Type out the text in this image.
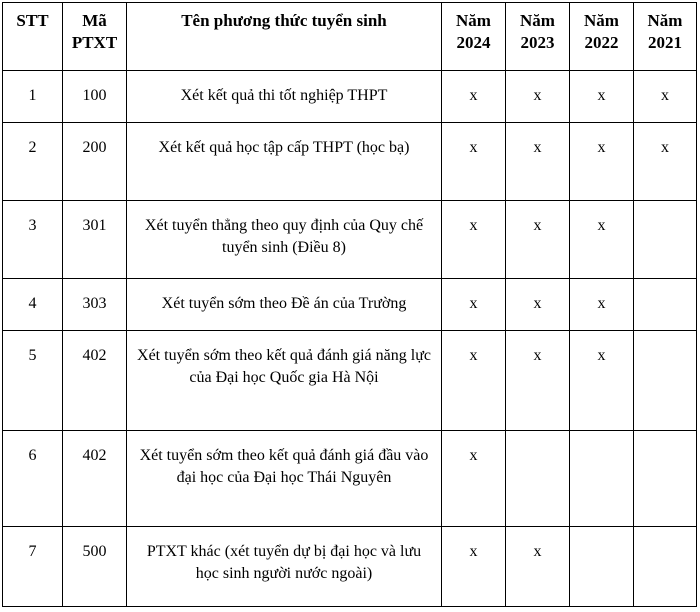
STT	Mã PTXT	Tên phương thức tuyển sinh	Năm 2024	Năm 2023	Năm 2022	Năm 2021
1	100	Xét kết quả thi tốt nghiệp THPT	x	x	x	x
2	200	Xét kết quả học tập cấp THPT (học bạ)	x	x	x	x
3	301	Xét tuyển thẳng theo quy định của Quy chế tuyển sinh (Điều 8)	x	x	x	
4	303	Xét tuyển sớm theo Đề án của Trường	x	x	x	
5	402	Xét tuyển sớm theo kết quả đánh giá năng lực của Đại học Quốc gia Hà Nội	x	x	x	
6	402	Xét tuyển sớm theo kết quả đánh giá đầu vào đại học của Đại học Thái Nguyên	x			
7	500	PTXT khác (xét tuyển dự bị đại học và lưu học sinh người nước ngoài)	x	x		
